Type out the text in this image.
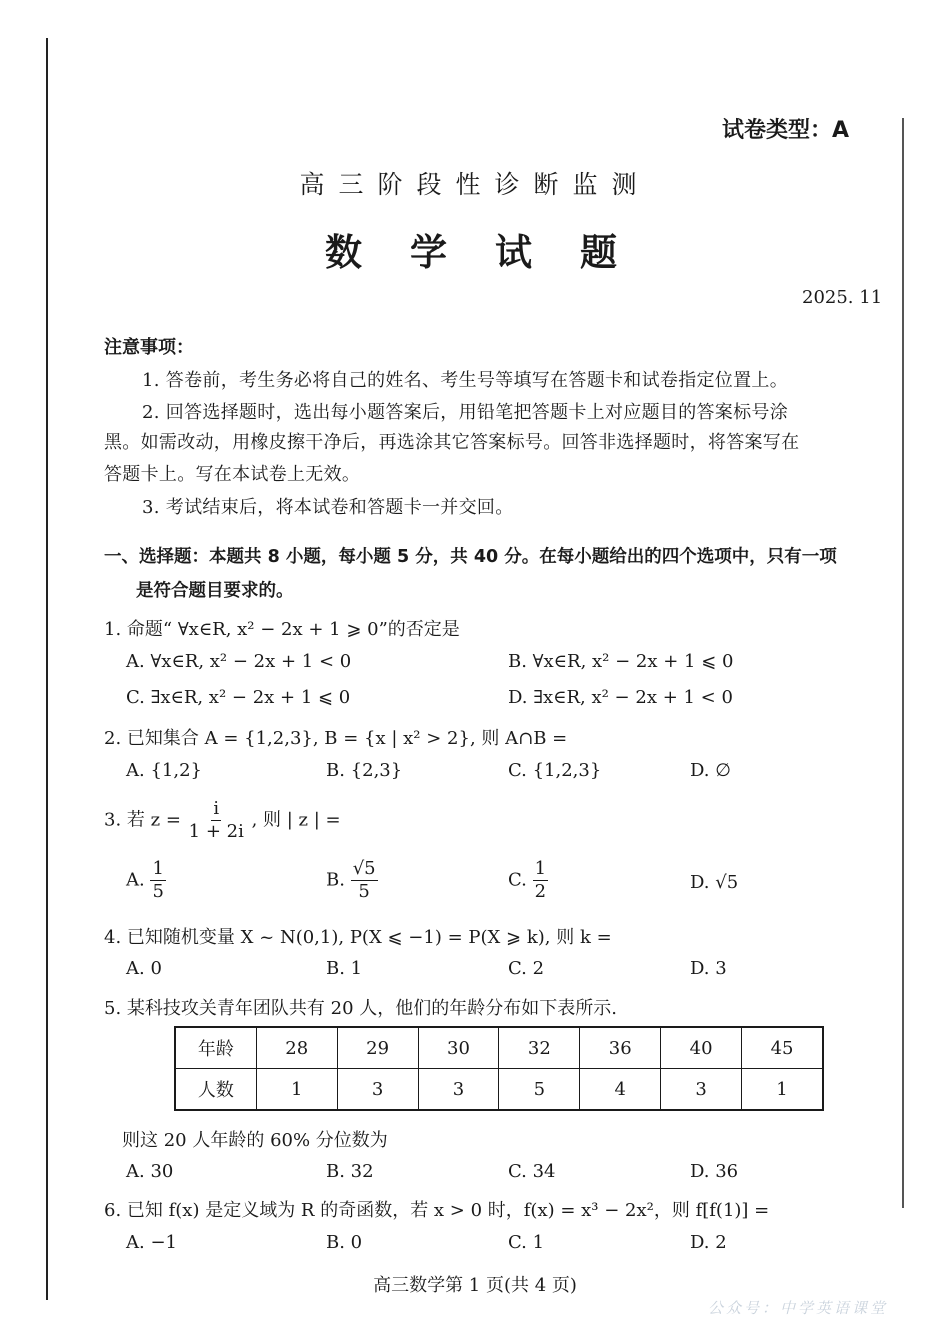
试卷类型：A
高三阶段性诊断监测
数学试题
2025. 11
注意事项：
1. 答卷前，考生务必将自己的姓名、考生号等填写在答题卡和试卷指定位置上。
2. 回答选择题时，选出每小题答案后，用铅笔把答题卡上对应题目的答案标号涂
黑。如需改动，用橡皮擦干净后，再选涂其它答案标号。回答非选择题时，将答案写在
答题卡上。写在本试卷上无效。
3. 考试结束后，将本试卷和答题卡一并交回。
一、选择题：本题共 8 小题，每小题 5 分，共 40 分。在每小题给出的四个选项中，只有一项
是符合题目要求的。
1. 命题“ ∀x∈R, x² − 2x + 1 ⩾ 0”的否定是
A. ∀x∈R, x² − 2x + 1 < 0	B. ∀x∈R, x² − 2x + 1 ⩽ 0
C. ∃x∈R, x² − 2x + 1 ⩽ 0	D. ∃x∈R, x² − 2x + 1 < 0
2. 已知集合 A = {1,2,3}, B = {x | x² > 2}, 则 A∩B =
A. {1,2}	B. {2,3}	C. {1,2,3}	D. ∅
3. 若 $z = \frac{i}{1 + 2i}$ , 则 | z | =
A. $\frac{1}{5}$	B. $\frac{√5}{5}$	C. $\frac{1}{2}$	D. √5
4. 已知随机变量 X ~ N(0,1), P(X ⩽ −1) = P(X ⩾ k), 则 k =
A. 0	B. 1	C. 2	D. 3
5. 某科技攻关青年团队共有 20 人，他们的年龄分布如下表所示.
年龄	28	29	30	32	36	40	45
人数	1	3	3	5	4	3	1
则这 20 人年龄的 60% 分位数为
A. 30	B. 32	C. 34	D. 36
6. 已知 f(x) 是定义域为 R 的奇函数，若 x > 0 时，f(x) = x³ − 2x²，则 f[f(1)] =
A. −1	B. 0	C. 1	D. 2
高三数学第 1 页(共 4 页)
公众号：中学英语课堂
